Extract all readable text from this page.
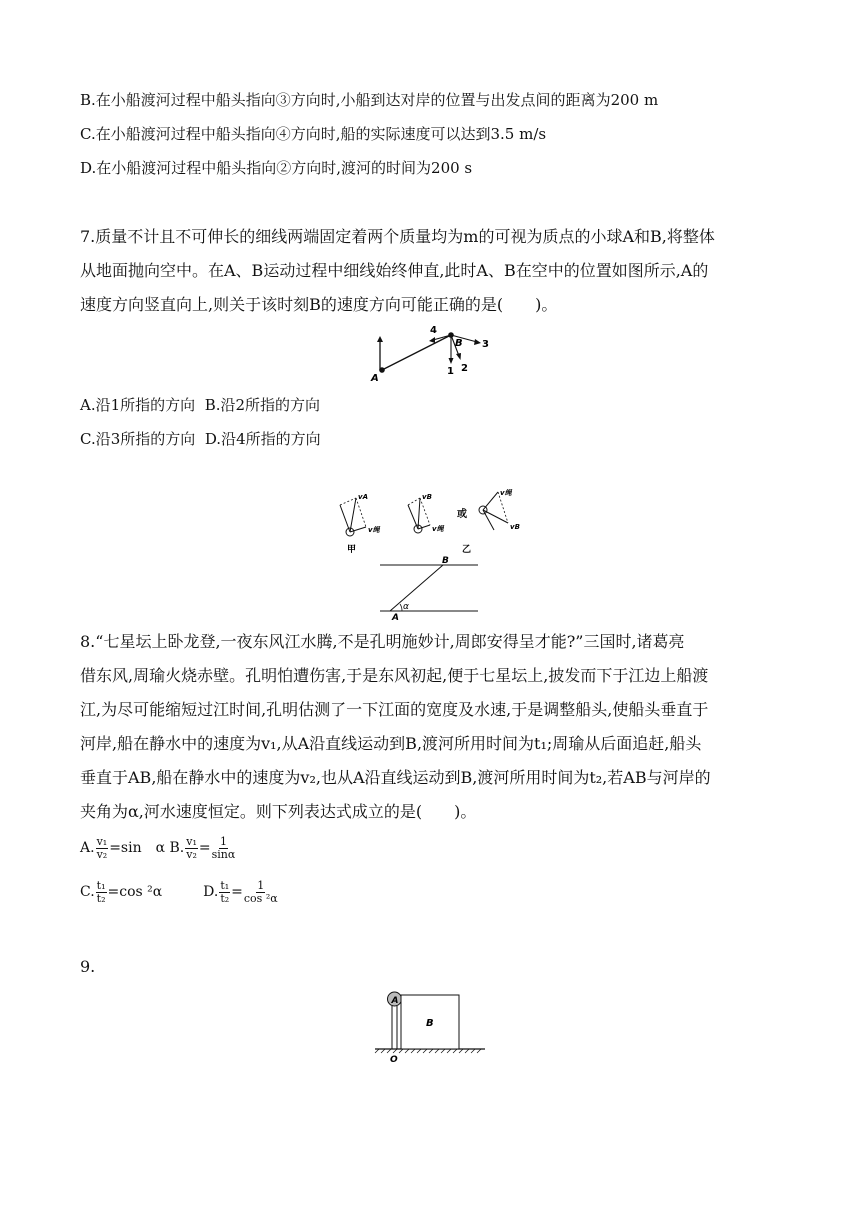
B.在小船渡河过程中船头指向③方向时,小船到达对岸的位置与出发点间的距离为200 m
C.在小船渡河过程中船头指向④方向时,船的实际速度可以达到3.5 m/s
D.在小船渡河过程中船头指向②方向时,渡河的时间为200 s
7.质量不计且不可伸长的细线两端固定着两个质量均为m的可视为质点的小球A和B,将整体
从地面抛向空中。在A、B运动过程中细线始终伸直,此时A、B在空中的位置如图所示,A的
速度方向竖直向上,则关于该时刻B的速度方向可能正确的是(　　)。
A
B
1 2
3
4
A.沿1所指的方向 B.沿2所指的方向
C.沿3所指的方向 D.沿4所指的方向
vA
v绳
甲
vB
v绳
或
v绳
vB
乙
B
A
α
8.“七星坛上卧龙登,一夜东风江水腾,不是孔明施妙计,周郎安得呈才能?”三国时,诸葛亮
借东风,周瑜火烧赤壁。孔明怕遭伤害,于是东风初起,便于七星坛上,披发而下于江边上船渡
江,为尽可能缩短过江时间,孔明估测了一下江面的宽度及水速,于是调整船头,使船头垂直于
河岸,船在静水中的速度为v₁,从A沿直线运动到B,渡河所用时间为t₁;周瑜从后面追赶,船头
垂直于AB,船在静水中的速度为v₂,也从A沿直线运动到B,渡河所用时间为t₂,若AB与河岸的
夹角为α,河水速度恒定。则下列表达式成立的是(　　)。
A. $\frac{\text{v₁}}{\text{v₂}} =\sin$　α B. $\frac{\text{v₁}}{\text{v₂}} = \frac{1}{\sin\alpha}$
C. $\frac{\text{t₁}}{\text{t₂}} =\cos$ ²α	D. $\frac{\text{t₁}}{\text{t₂}} = \frac{1}{\text{cos ²α}}$
9.
A
B
O
